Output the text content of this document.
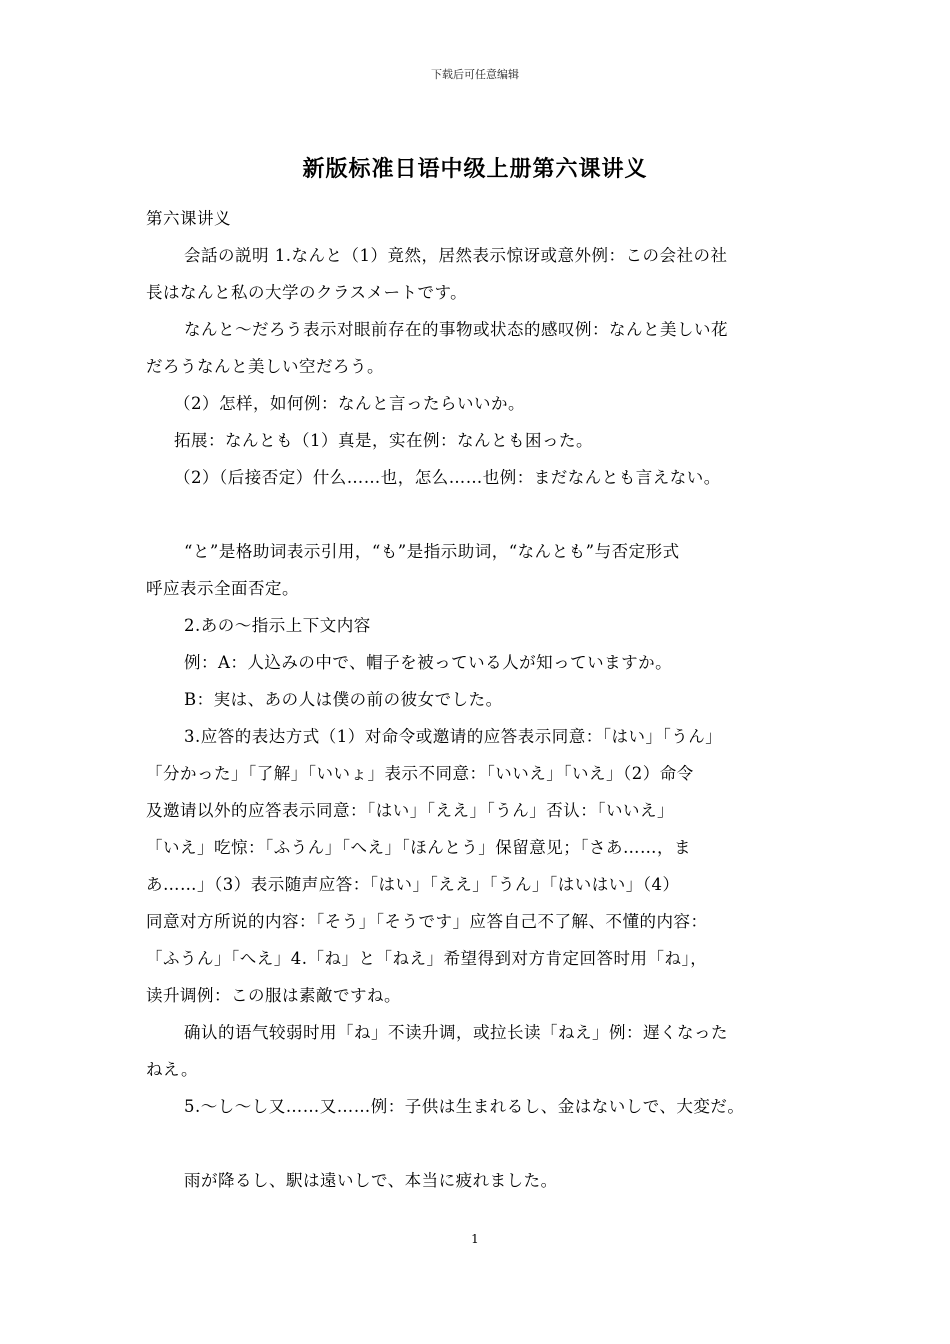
下载后可任意编辑
新版标准日语中级上册第六课讲义

第六课讲义

会話の説明 1.なんと（1）竟然，居然表示惊讶或意外例：この会社の社

長はなんと私の大学のクラスメートです。

なんと～だろう表示对眼前存在的事物或状态的感叹例：なんと美しい花

だろうなんと美しい空だろう。

（2）怎样，如何例：なんと言ったらいいか。

拓展：なんとも（1）真是，实在例：なんとも困った。

（2）（后接否定）什么……也，怎么……也例：まだなんとも言えない。

“と”是格助词表示引用，“も”是指示助词，“なんとも”与否定形式

呼应表示全面否定。

2.あの～指示上下文内容

例：A：人込みの中で、帽子を被っている人が知っていますか。

B：実は、あの人は僕の前の彼女でした。

3.应答的表达方式（1）对命令或邀请的应答表示同意：「はい」「うん」

「分かった」「了解」「いいょ」表示不同意：「いいえ」「いえ」（2）命令

及邀请以外的应答表示同意：「はい」「ええ」「うん」否认：「いいえ」

「いえ」吃惊：「ふうん」「へえ」「ほんとう」保留意见；「さあ……，ま

あ……」（3）表示随声应答：「はい」「ええ」「うん」「はいはい」（4）

同意对方所说的内容：「そう」「そうです」应答自己不了解、不懂的内容：

「ふうん」「へえ」4.「ね」と「ねえ」希望得到对方肯定回答时用「ね」，

读升调例：この服は素敵ですね。

确认的语气较弱时用「ね」不读升调，或拉长读「ねえ」例：遅くなった

ねえ。

5.～し～し又……又……例：子供は生まれるし、金はないしで、大変だ。

雨が降るし、駅は遠いしで、本当に疲れました。

1
